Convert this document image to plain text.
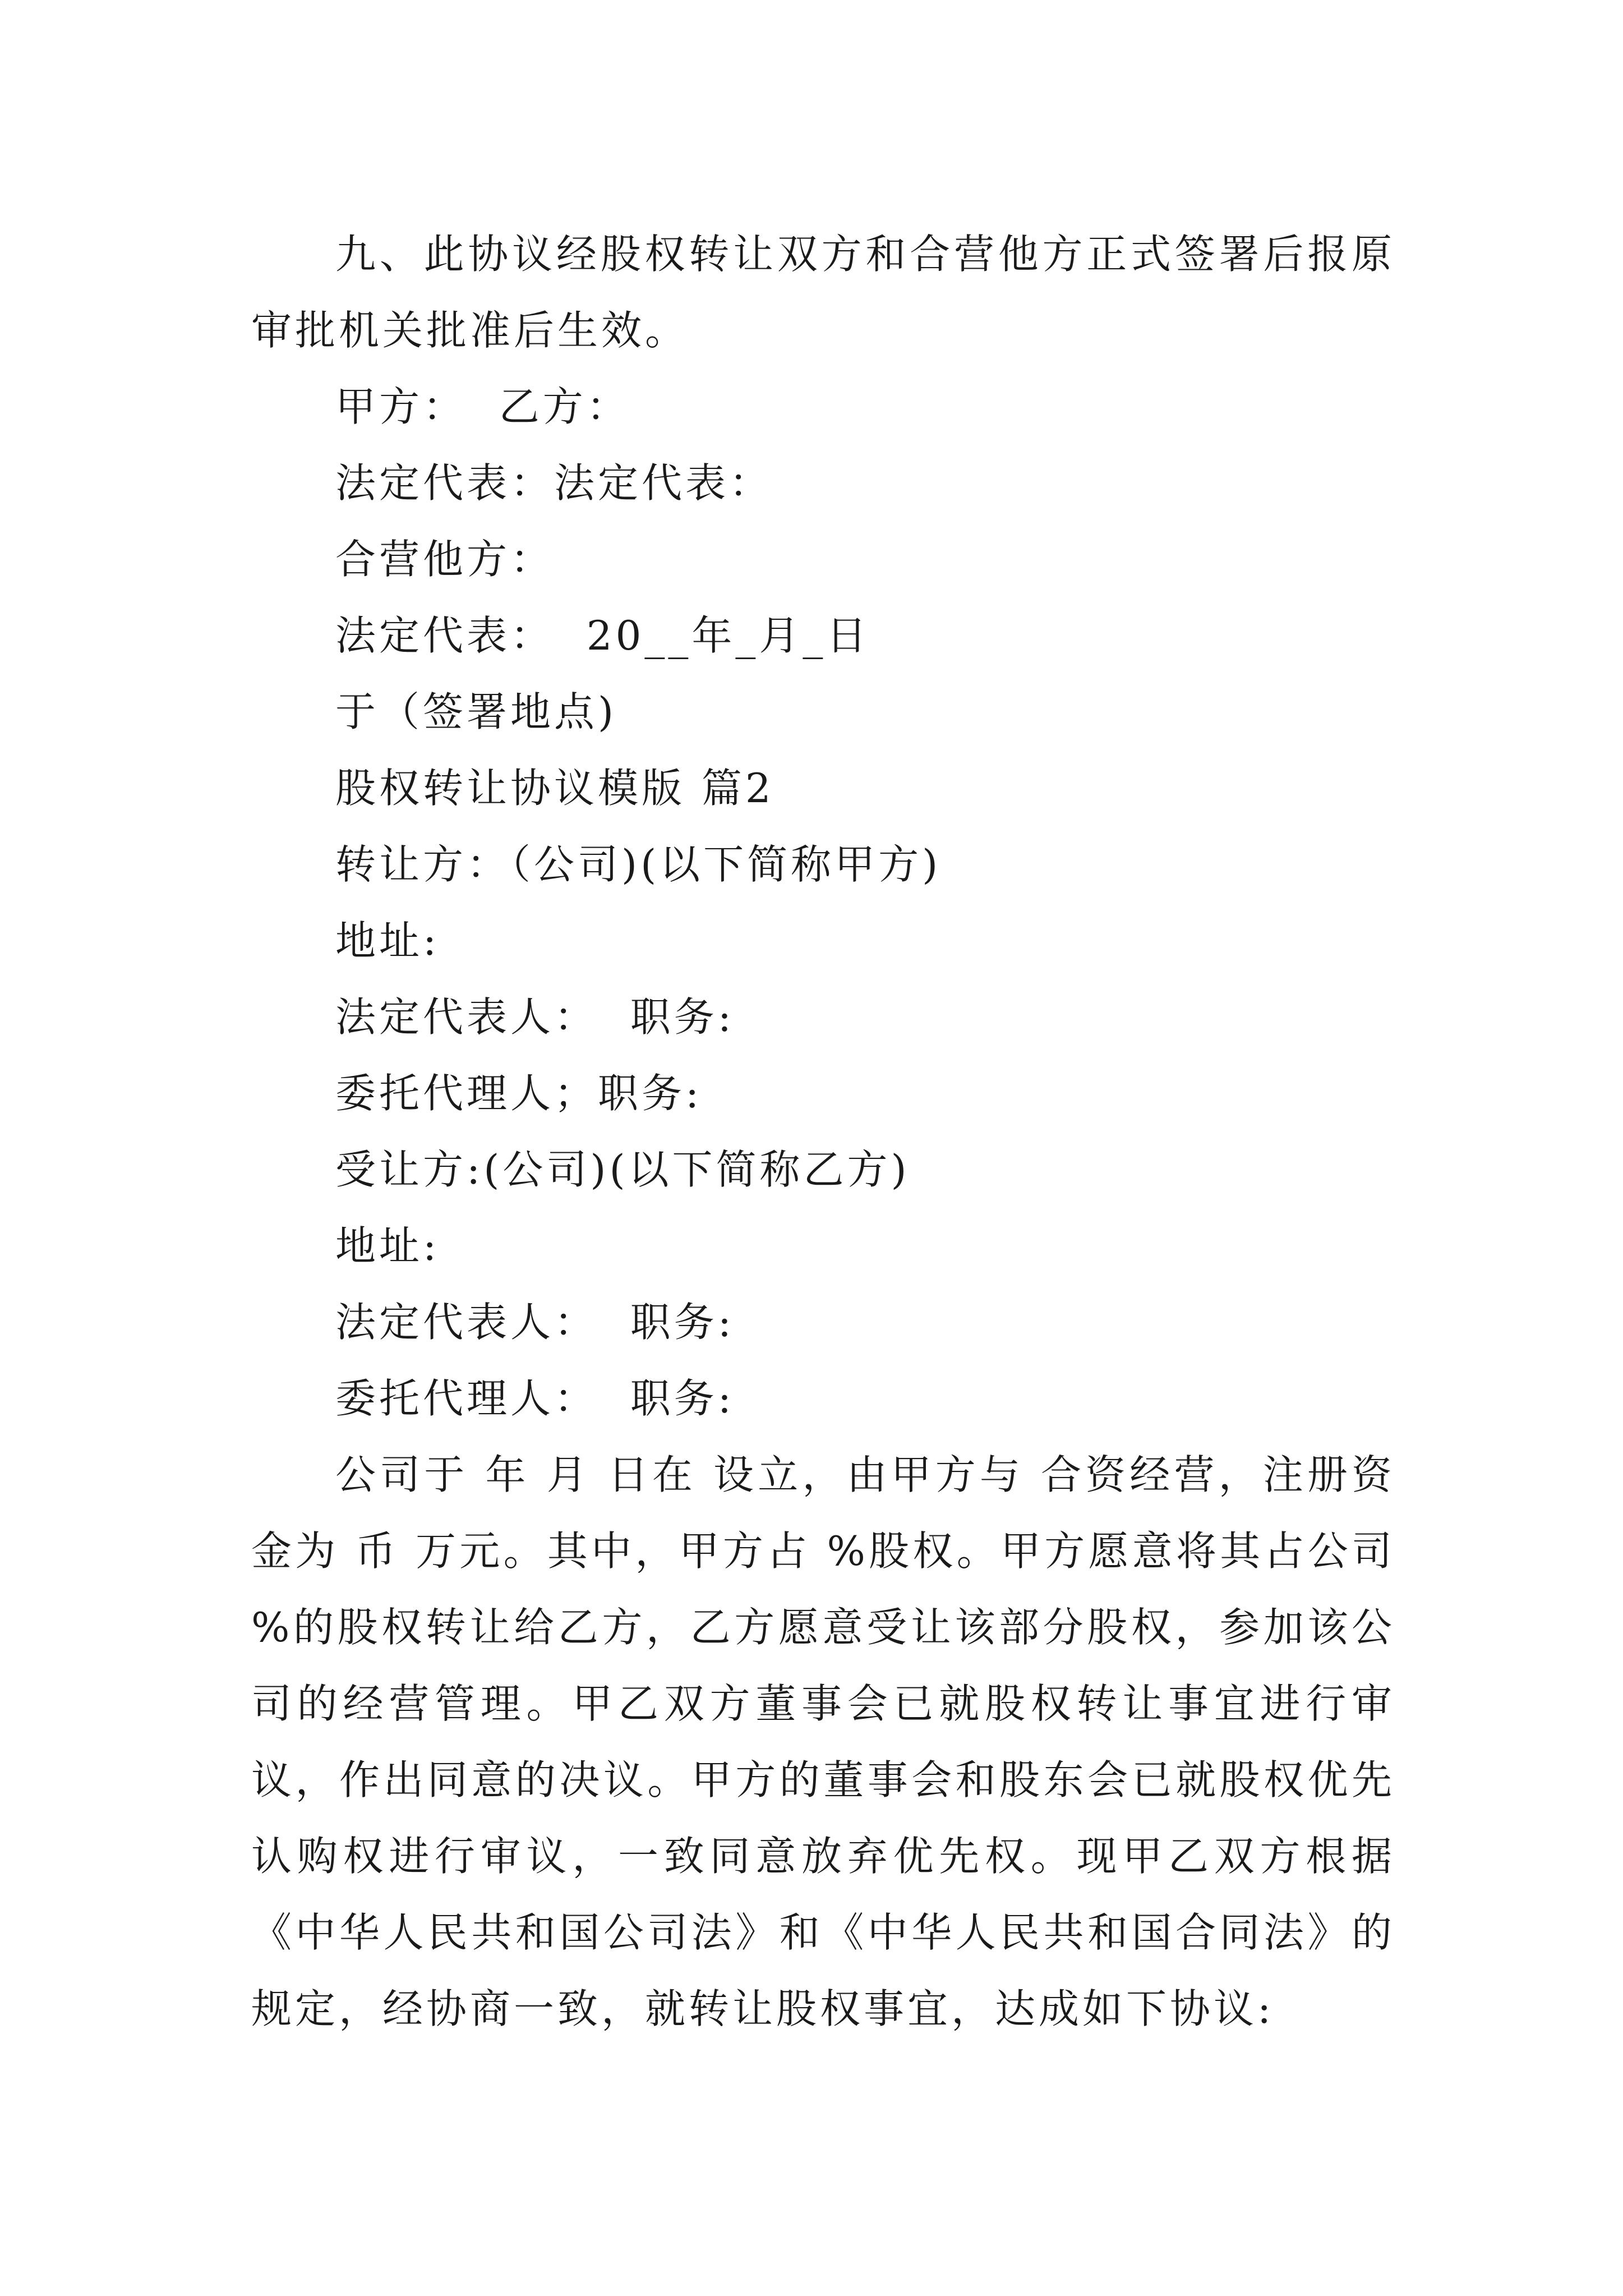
九、此协议经股权转让双方和合营他方正式签署后报原审批机关批准后生效。

甲方：  乙方：

法定代表：法定代表：

合营他方：

法定代表：  20__年_月_日

于（签署地点)

股权转让协议模版 篇2

转让方：（公司)(以下简称甲方)

地址:

法定代表人：  职务:

委托代理人；职务:

受让方:(公司)(以下简称乙方)

地址:

法定代表人：  职务:

委托代理人：  职务:

公司于 年 月 日在 设立，由甲方与 合资经营，注册资金为 币 万元。其中，甲方占 %股权。甲方愿意将其占公司 %的股权转让给乙方，乙方愿意受让该部分股权，参加该公司的经营管理。甲乙双方董事会已就股权转让事宜进行审议，作出同意的决议。甲方的董事会和股东会已就股权优先认购权进行审议，一致同意放弃优先权。现甲乙双方根据《中华人民共和国公司法》和《中华人民共和国合同法》的规定，经协商一致，就转让股权事宜，达成如下协议:
